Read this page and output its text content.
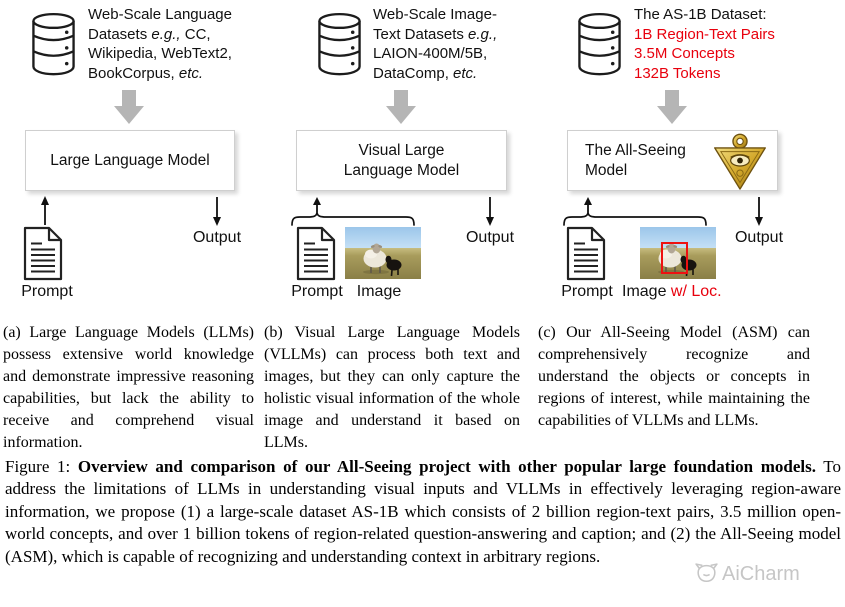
Web-Scale Language
Datasets e.g., CC,
Wikipedia, WebText2,
BookCorpus, etc.
Large Language Model
Output
Prompt
Web-Scale Image-
Text Datasets e.g.,
LAION-400M/5B,
DataComp, etc.
Visual Large
Language Model
Output
Prompt Image
The AS-1B Dataset:
1B Region-Text Pairs
3.5M Concepts
132B Tokens
The All-Seeing
Model
Output
Prompt Image w/ Loc.
(a) Large Language Models (LLMs) possess extensive world knowledge and demonstrate impressive reasoning capabilities, but lack the ability to receive and comprehend visual information.
(b) Visual Large Language Models (VLLMs) can process both text and images, but they can only capture the holistic visual information of the whole image and understand it based on LLMs.
(c) Our All-Seeing Model (ASM) can comprehensively recognize and understand the objects or concepts in regions of interest, while maintaining the capabilities of VLLMs and LLMs.
Figure 1: Overview and comparison of our All-Seeing project with other popular large foundation models. To address the limitations of LLMs in understanding visual inputs and VLLMs in effectively leveraging region-aware information, we propose (1) a large-scale dataset AS-1B which consists of 2 billion region-text pairs, 3.5 million open-world concepts, and over 1 billion tokens of region-related question-answering and caption; and (2) the All-Seeing model (ASM), which is capable of recognizing and understanding context in arbitrary regions.
AiCharm
